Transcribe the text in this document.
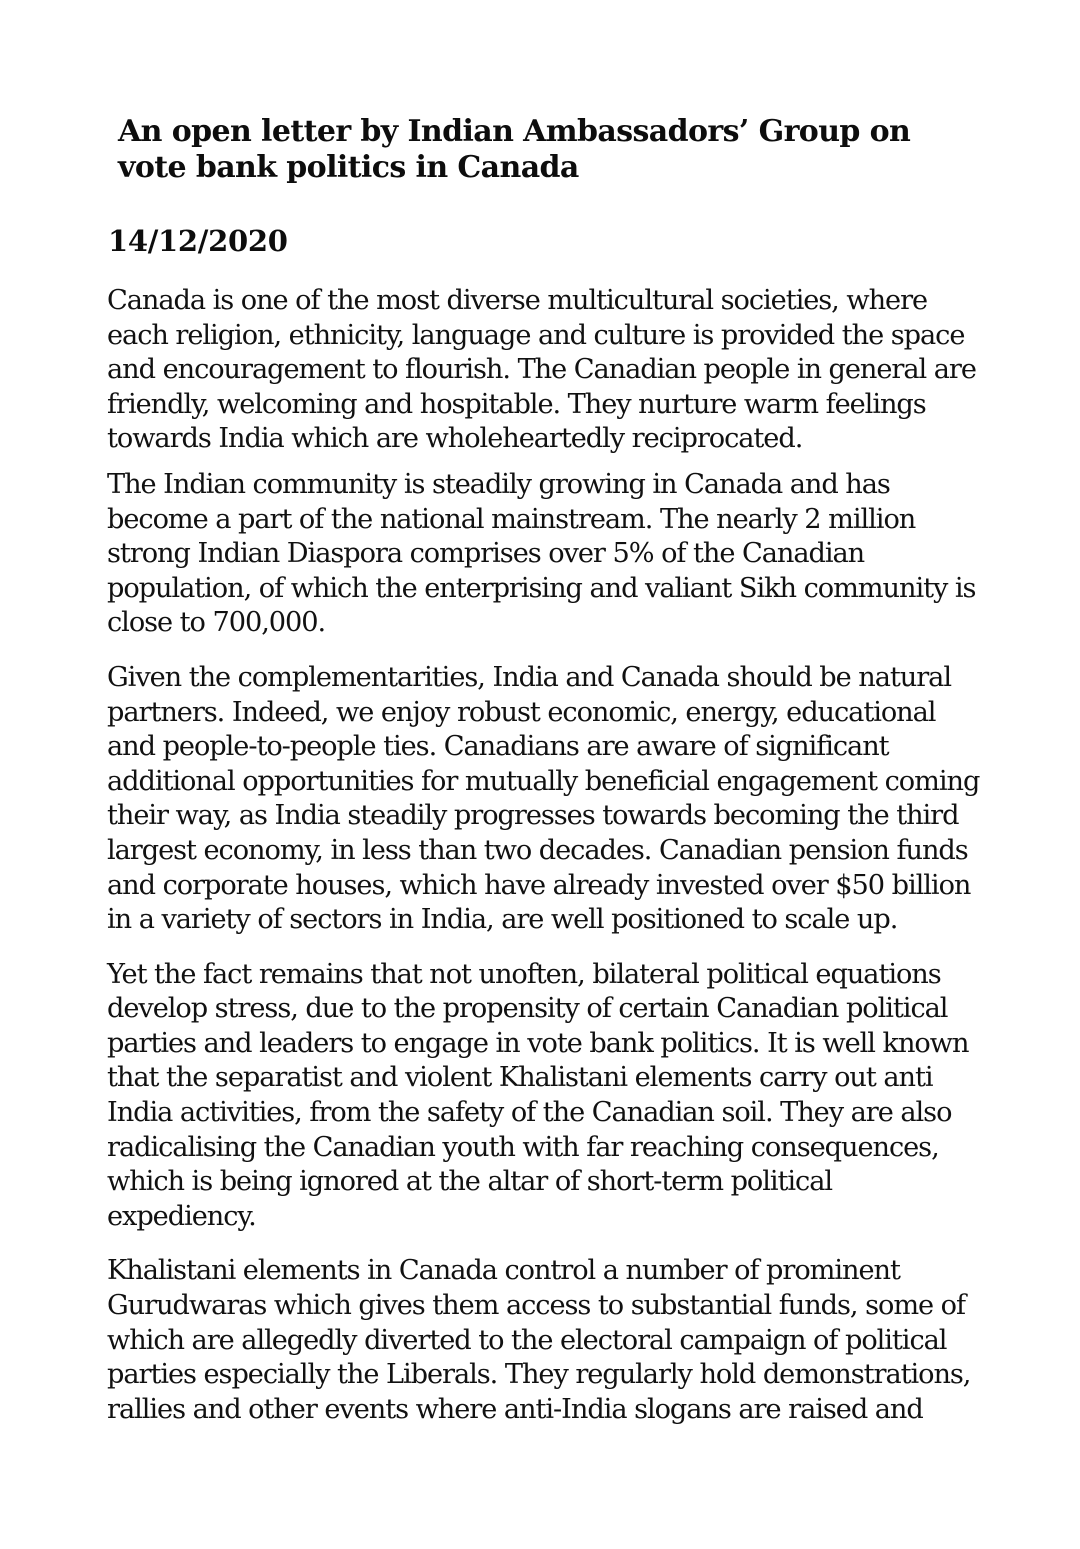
An open letter by Indian Ambassadors’ Group on
vote bank politics in Canada
14/12/2020

Canada is one of the most diverse multicultural societies, where
each religion, ethnicity, language and culture is provided the space
and encouragement to flourish. The Canadian people in general are
friendly, welcoming and hospitable. They nurture warm feelings
towards India which are wholeheartedly reciprocated.

The Indian community is steadily growing in Canada and has
become a part of the national mainstream. The nearly 2 million
strong Indian Diaspora comprises over 5% of the Canadian
population, of which the enterprising and valiant Sikh community is
close to 700,000.

Given the complementarities, India and Canada should be natural
partners. Indeed, we enjoy robust economic, energy, educational
and people-to-people ties. Canadians are aware of significant
additional opportunities for mutually beneficial engagement coming
their way, as India steadily progresses towards becoming the third
largest economy, in less than two decades. Canadian pension funds
and corporate houses, which have already invested over $50 billion
in a variety of sectors in India, are well positioned to scale up.

Yet the fact remains that not unoften, bilateral political equations
develop stress, due to the propensity of certain Canadian political
parties and leaders to engage in vote bank politics. It is well known
that the separatist and violent Khalistani elements carry out anti
India activities, from the safety of the Canadian soil. They are also
radicalising the Canadian youth with far reaching consequences,
which is being ignored at the altar of short-term political
expediency.

Khalistani elements in Canada control a number of prominent
Gurudwaras which gives them access to substantial funds, some of
which are allegedly diverted to the electoral campaign of political
parties especially the Liberals. They regularly hold demonstrations,
rallies and other events where anti-India slogans are raised and
